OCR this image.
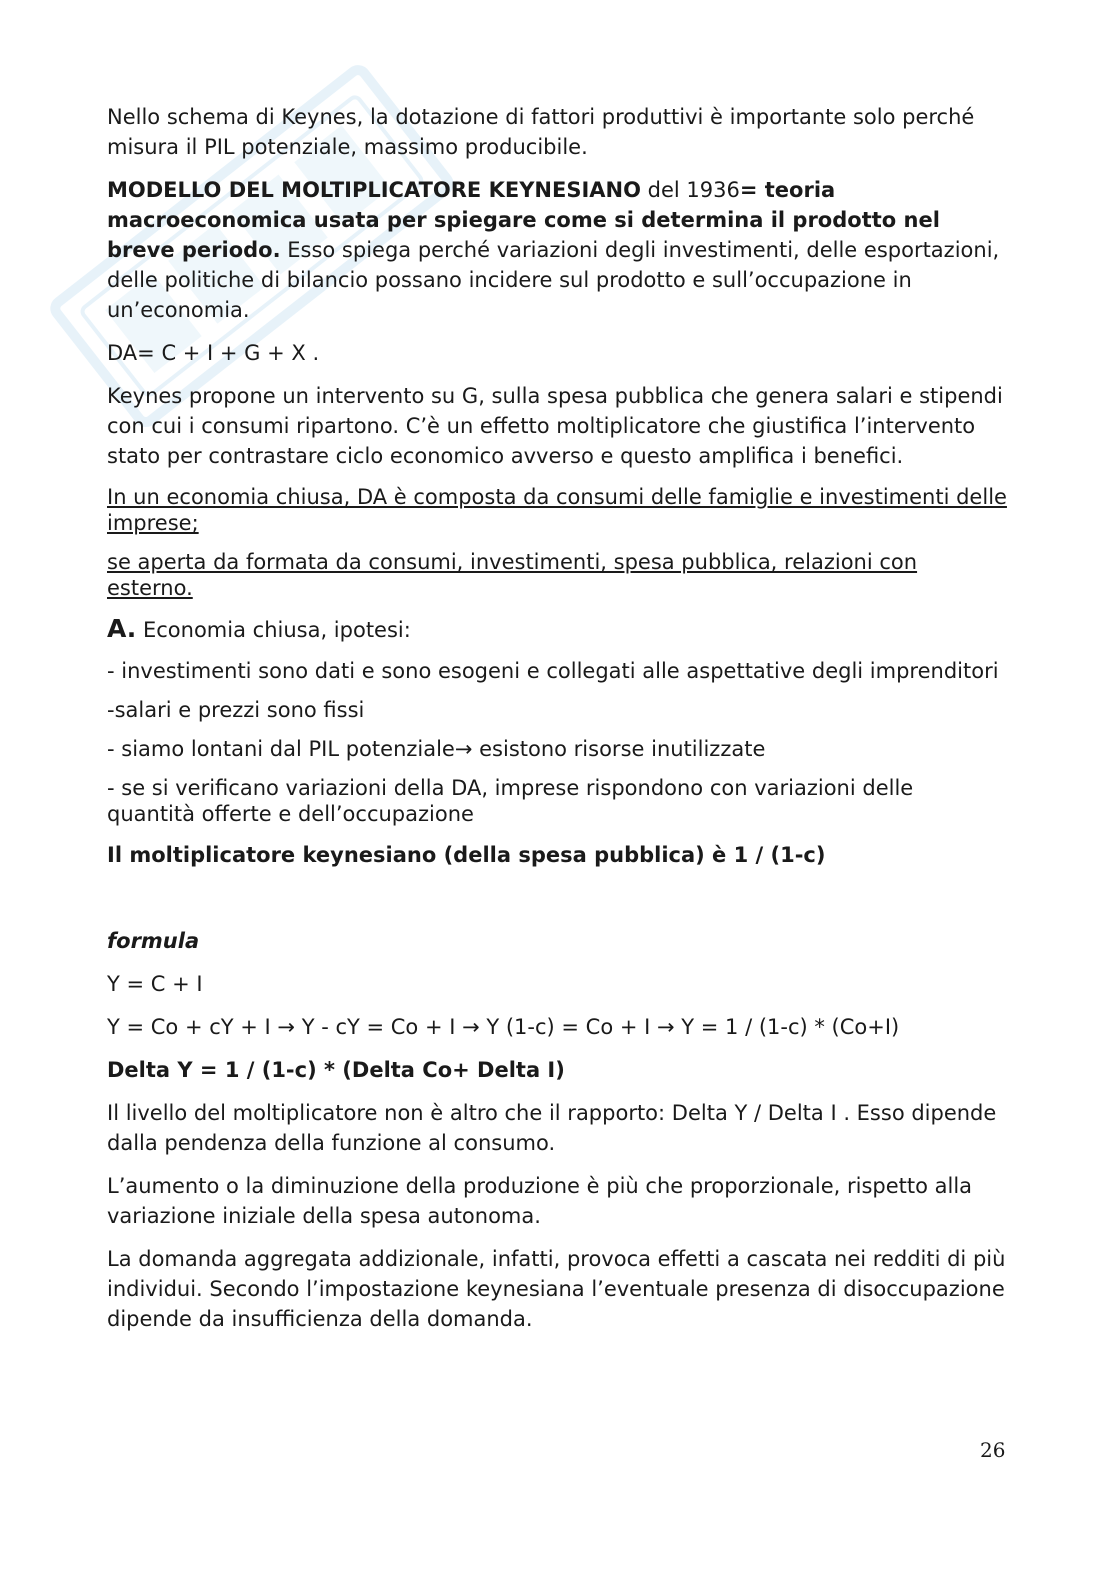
Nello schema di Keynes, la dotazione di fattori produttivi è importante solo perché misura il PIL potenziale, massimo producibile.

MODELLO DEL MOLTIPLICATORE KEYNESIANO del 1936= teoria macroeconomica usata per spiegare come si determina il prodotto nel breve periodo. Esso spiega perché variazioni degli investimenti, delle esportazioni, delle politiche di bilancio possano incidere sul prodotto e sull’occupazione in un’economia.

DA= C + I + G + X .

Keynes propone un intervento su G, sulla spesa pubblica che genera salari e stipendi con cui i consumi ripartono. C’è un effetto moltiplicatore che giustifica l’intervento stato per contrastare ciclo economico avverso e questo amplifica i benefici.

In un economia chiusa, DA è composta da consumi delle famiglie e investimenti delle imprese;

se aperta da formata da consumi, investimenti, spesa pubblica, relazioni con esterno.

A. Economia chiusa, ipotesi:

- investimenti sono dati e sono esogeni e collegati alle aspettative degli imprenditori

-salari e prezzi sono fissi

- siamo lontani dal PIL potenziale→ esistono risorse inutilizzate

- se si verificano variazioni della DA, imprese rispondono con variazioni delle quantità offerte e dell’occupazione

Il moltiplicatore keynesiano (della spesa pubblica) è 1 / (1-c)

formula

Y = C + I

Y = Co + cY + I → Y - cY = Co + I → Y (1-c) = Co + I → Y = 1 / (1-c) * (Co+I)

Delta Y = 1 / (1-c) * (Delta Co+ Delta I)

Il livello del moltiplicatore non è altro che il rapporto: Delta Y / Delta I . Esso dipende dalla pendenza della funzione al consumo.

L’aumento o la diminuzione della produzione è più che proporzionale, rispetto alla variazione iniziale della spesa autonoma.

La domanda aggregata addizionale, infatti, provoca effetti a cascata nei redditi di più individui. Secondo l’impostazione keynesiana l’eventuale presenza di disoccupazione dipende da insufficienza della domanda.

26
